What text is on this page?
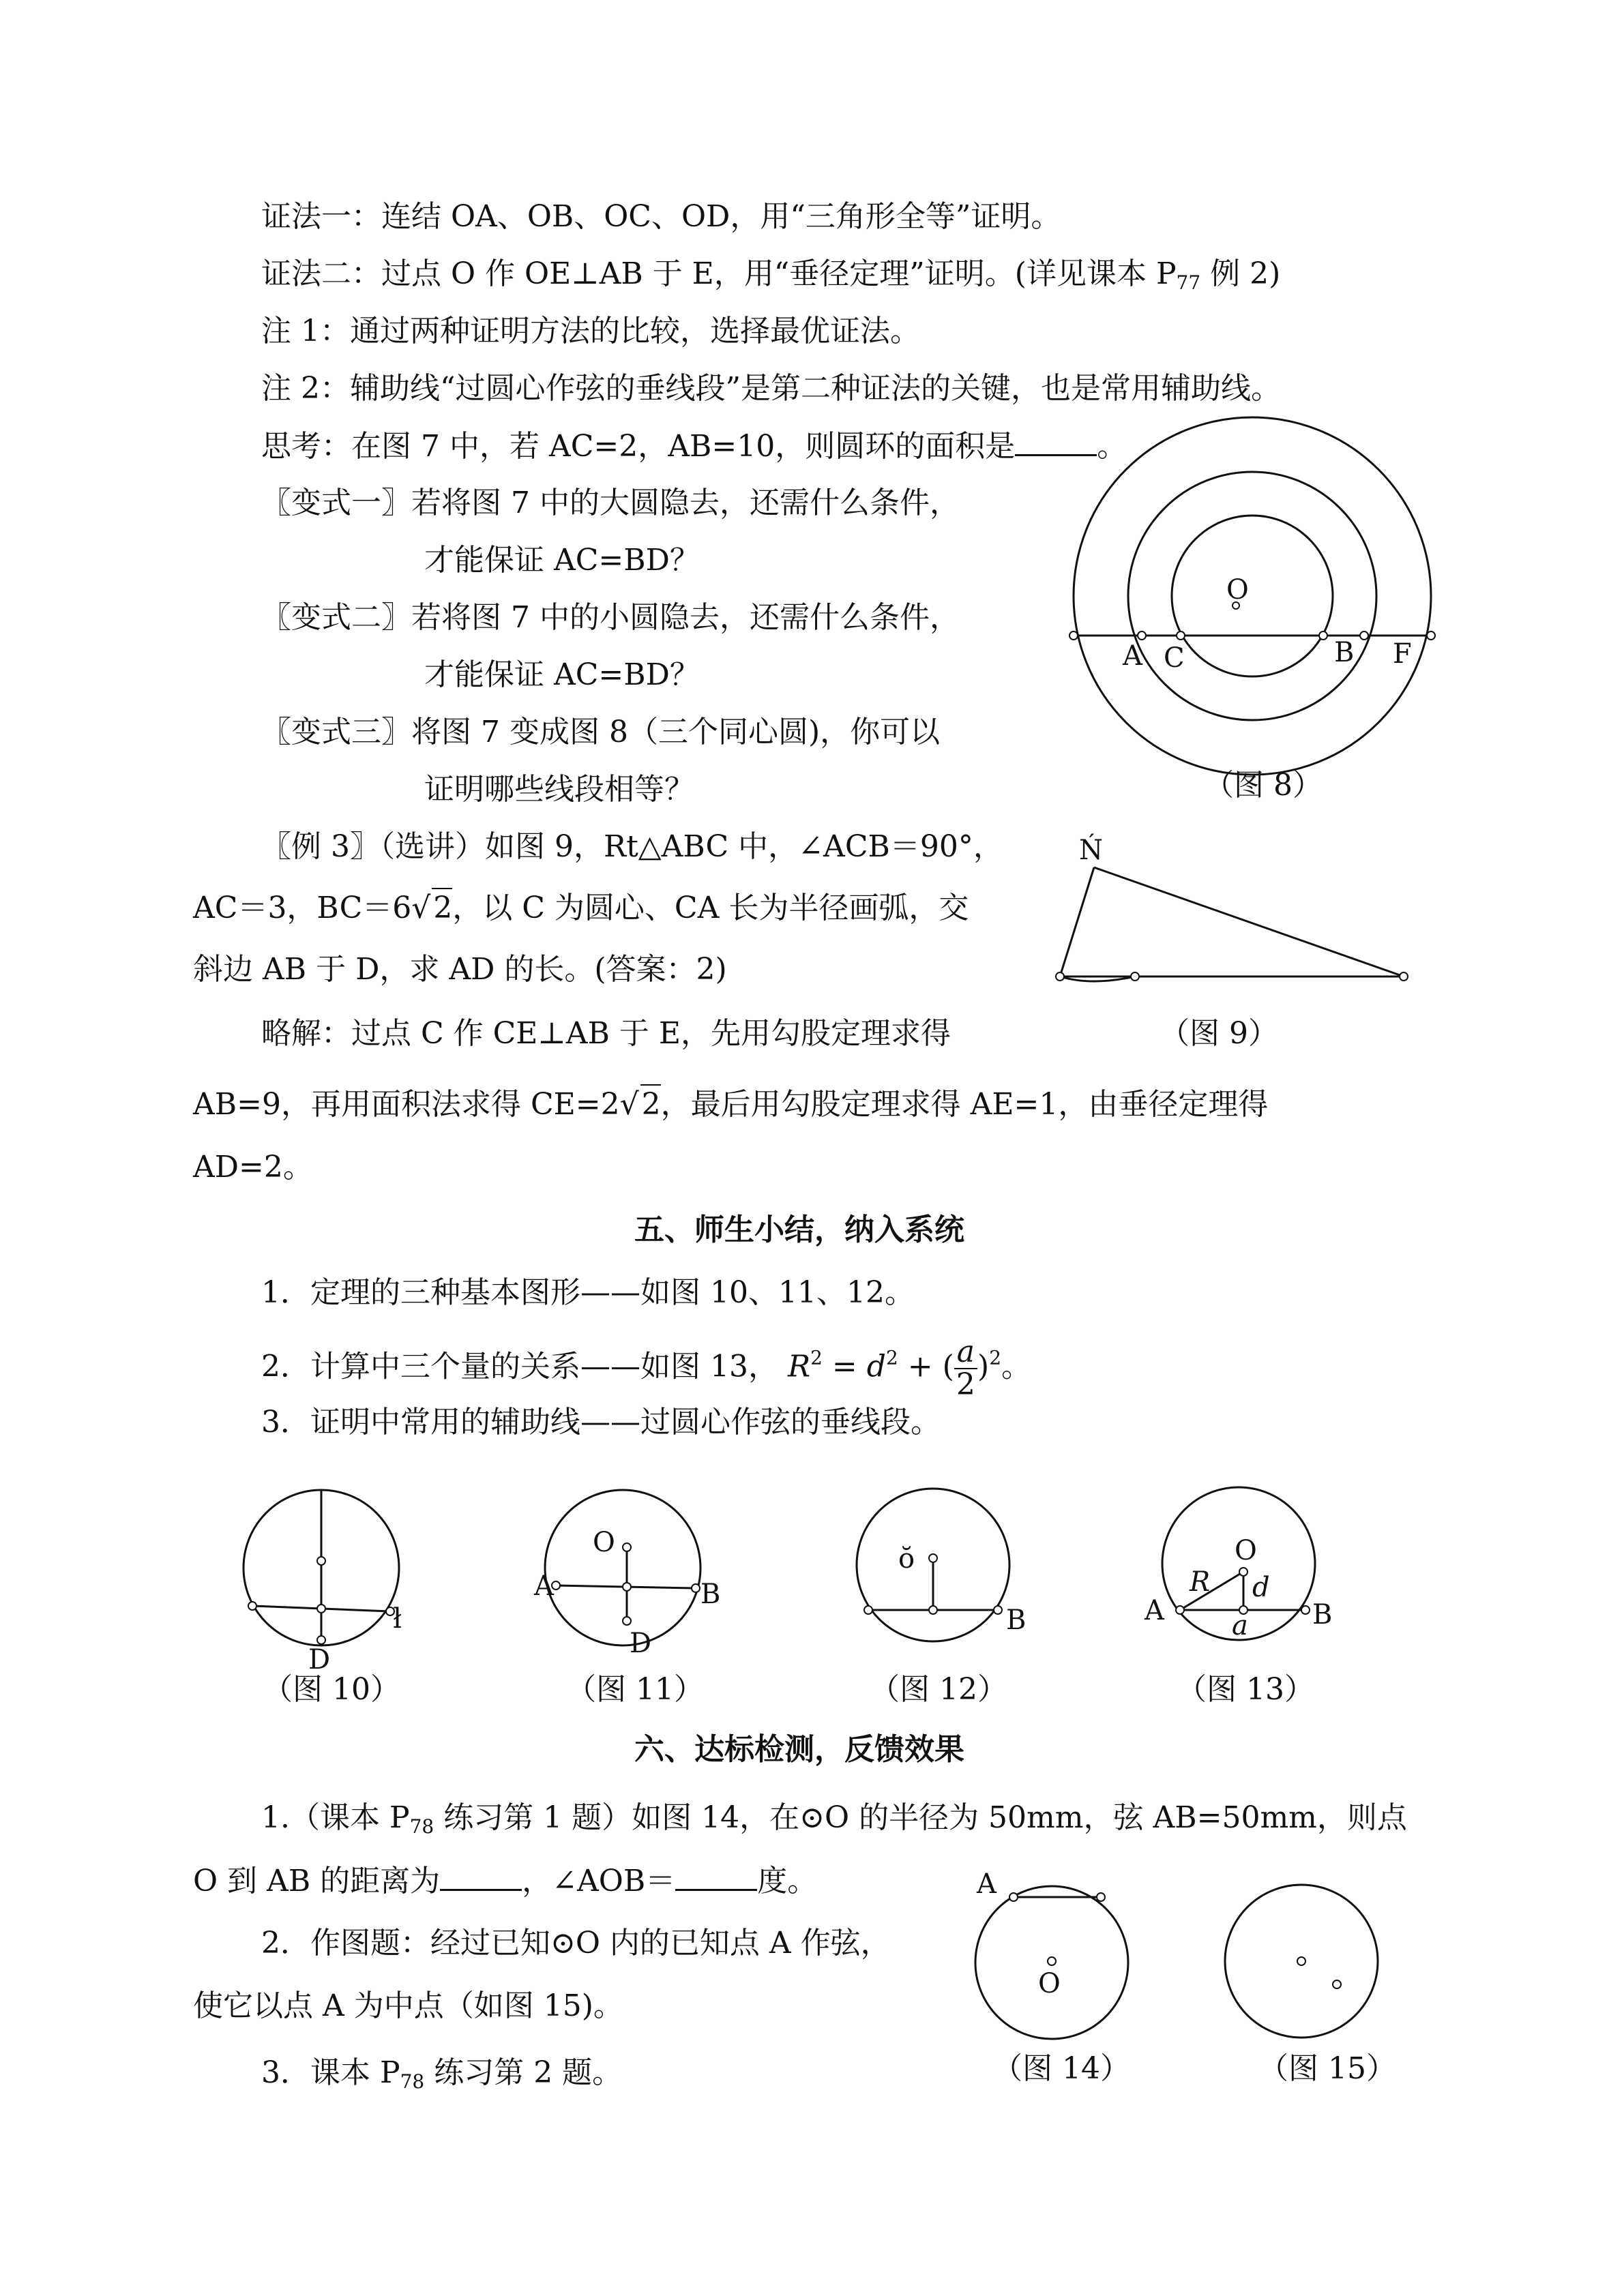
证法一：连结 OA、OB、OC、OD，用“三角形全等”证明。
证法二：过点 O 作 OE⊥AB 于 E，用“垂径定理”证明。(详见课本 $P_{77}$ 例 2)
注 1：通过两种证明方法的比较，选择最优证法。
注 2：辅助线“过圆心作弦的垂线段”是第二种证法的关键，也是常用辅助线。
思考：在图 7 中，若 AC=2，AB=10，则圆环的面积是	。
〖变式一〗若将图 7 中的大圆隐去，还需什么条件，
才能保证 AC=BD？
〖变式二〗若将图 7 中的小圆隐去，还需什么条件，
才能保证 AC=BD？
〖变式三〗将图 7 变成图 8（三个同心圆)，你可以
证明哪些线段相等？
〖例 3〗（选讲）如图 9，Rt△ABC 中，∠ACB＝90°，
AC＝3，BC＝6√2，以 C 为圆心、CA 长为半径画弧，交
斜边 AB 于 D，求 AD 的长。(答案：2)
略解：过点 C 作 CE⊥AB 于 E，先用勾股定理求得
AB=9，再用面积法求得 CE=2√2，最后用勾股定理求得 AE=1，由垂径定理得
AD=2。
五、师生小结，纳入系统
1．定理的三种基本图形——如图 10、11、12。
2．计算中三个量的关系——如图 13， $R^2 = d^2$ + ( $\frac{a}{2} )^2$。
3．证明中常用的辅助线——过圆心作弦的垂线段。
六、达标检测，反馈效果
1.（课本 $P_{78}$ 练习第 1 题）如图 14，在⊙O 的半径为 50mm，弦 AB=50mm，则点
O 到 AB 的距离为	，∠AOB＝	度。
2．作图题：经过已知⊙O 内的已知点 A 作弦，
使它以点 A 为中点（如图 15)。
3．课本 $P_{78}$ 练习第 2 题。
O
A C	B F
（图 8）
Ń
（图 9）
D
ł
（图 10）
O
A	B
D
（图 11）
ŏ
B
（图 12）
O
R d
A a B
（图 13）
A
O
（图 14）	（图 15）
